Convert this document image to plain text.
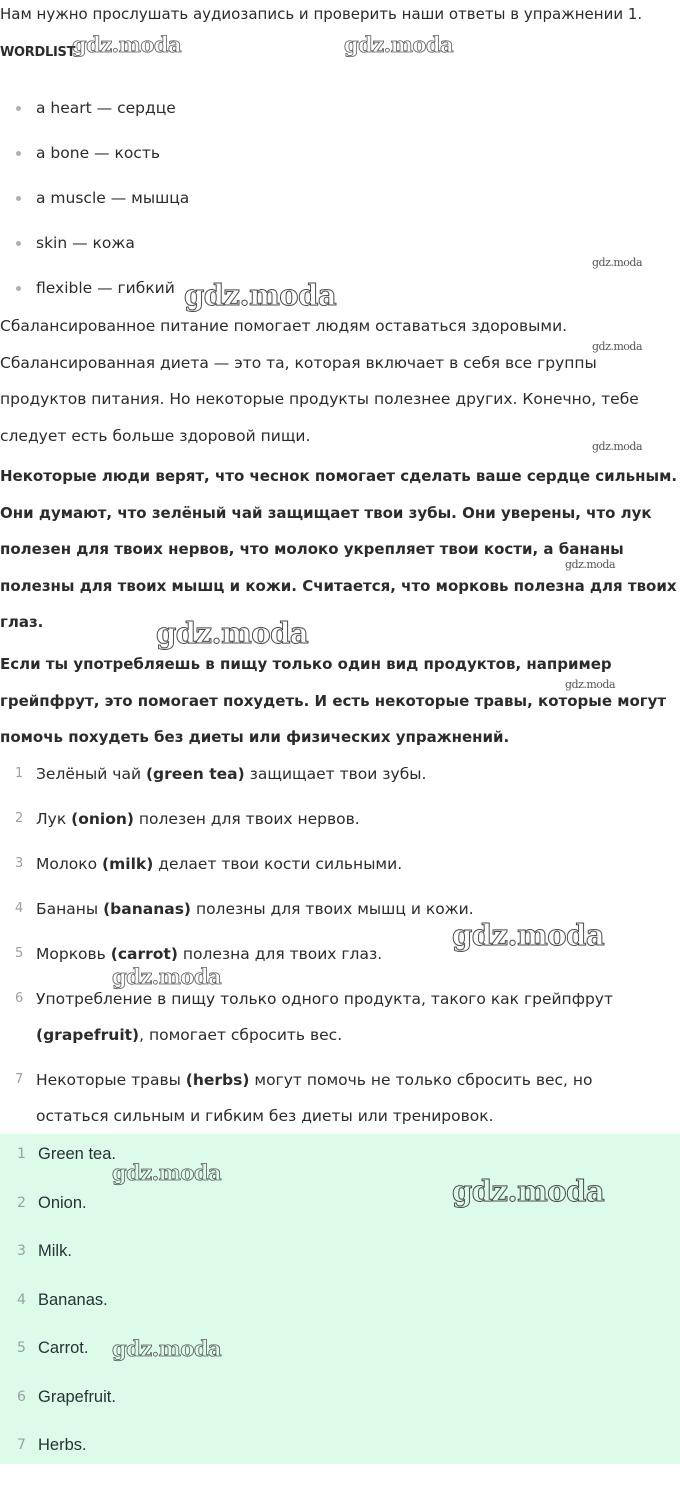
Нам нужно прослушать аудиозапись и проверить наши ответы в упражнении 1.
WORDLIST
a heart — сердце
a bone — кость
a muscle — мышца
skin — кожа
flexible — гибкий
Сбалансированное питание помогает людям оставаться здоровыми.
Сбалансированная диета — это та, которая включает в себя все группы
продуктов питания. Но некоторые продукты полезнее других. Конечно, тебе
следует есть больше здоровой пищи.
Некоторые люди верят, что чеснок помогает сделать ваше сердце сильным.
Они думают, что зелёный чай защищает твои зубы. Они уверены, что лук
полезен для твоих нервов, что молоко укрепляет твои кости, а бананы
полезны для твоих мышц и кожи. Считается, что морковь полезна для твоих
глаз.
Если ты употребляешь в пищу только один вид продуктов, например
грейпфрут, это помогает похудеть. И есть некоторые травы, которые могут
помочь похудеть без диеты или физических упражнений.
1 Зелёный чай (green tea) защищает твои зубы.
2 Лук (onion) полезен для твоих нервов.
3 Молоко (milk) делает твои кости сильными.
4 Бананы (bananas) полезны для твоих мышц и кожи.
5 Морковь (carrot) полезна для твоих глаз.
6 Употребление в пищу только одного продукта, такого как грейпфрут
(grapefruit), помогает сбросить вес.
7 Некоторые травы (herbs) могут помочь не только сбросить вес, но
остаться сильным и гибким без диеты или тренировок.
1 Green tea.
2 Onion.
3 Milk.
4 Bananas.
5 Carrot.
6 Grapefruit.
7 Herbs.
gdz.moda	gdz.moda
gdz.moda
gdz.moda
gdz.moda
gdz.moda
gdz.moda
gdz.moda
gdz.moda
gdz.moda
gdz.moda
